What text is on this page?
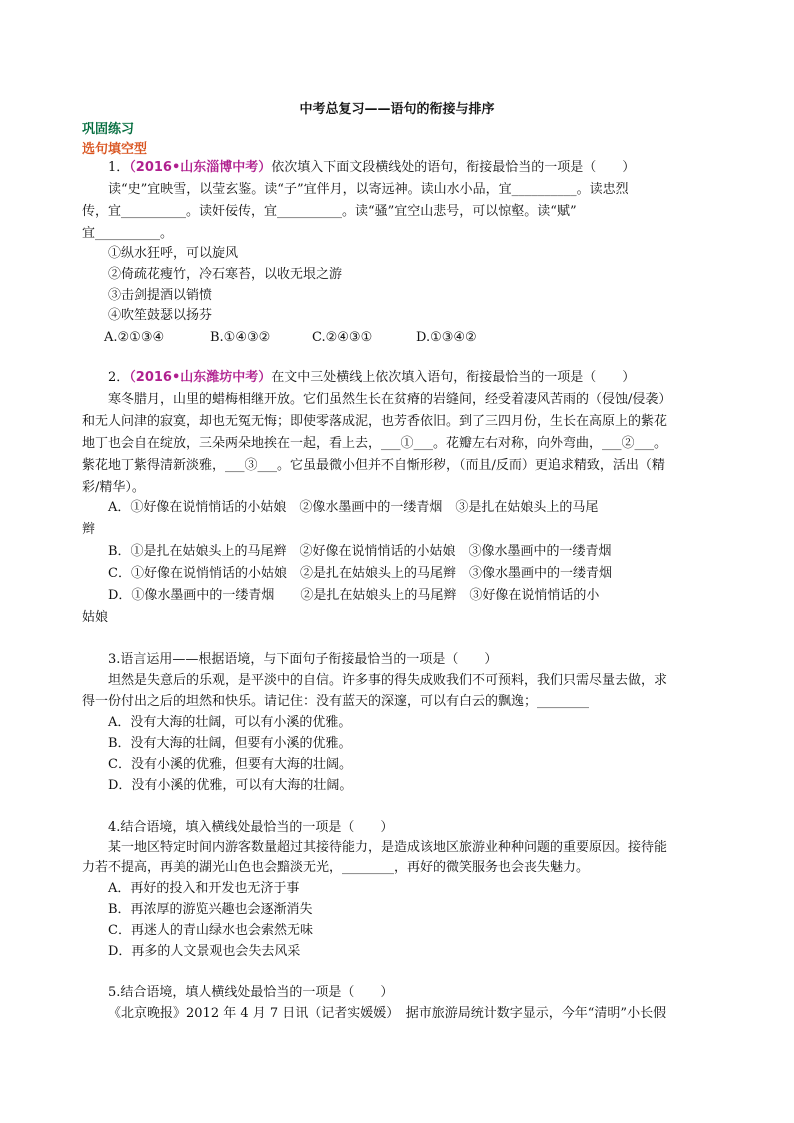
中考总复习——语句的衔接与排序
巩固练习
选句填空型
1．（2016•山东淄博中考）依次填入下面文段横线处的语句，衔接最恰当的一项是（　　）
读“史”宜映雪，以莹玄鉴。读“子”宜伴月，以寄远神。读山水小品，宜__________。读忠烈
传，宜__________。读奸佞传，宜__________。读“骚”宜空山悲号，可以惊壑。读“赋”
宜__________。
①纵水狂呼，可以旋风
②倚疏花瘦竹，冷石寒苔，以收无垠之游
③击剑提酒以销愤
④吹笙鼓瑟以扬芬
A.②①③④	B.①④③②	C.②④③①	D.①③④②
2．（2016•山东潍坊中考）在文中三处横线上依次填入语句，衔接最恰当的一项是（　　）
寒冬腊月，山里的蜡梅相继开放。它们虽然生长在贫瘠的岩缝间，经受着凄风苦雨的（侵蚀/侵袭）
和无人问津的寂寞，却也无冤无悔；即使零落成泥，也芳香依旧。到了三四月份，生长在高原上的紫花
地丁也会自在绽放，三朵两朵地挨在一起，看上去，___①___。花瓣左右对称，向外弯曲，___②___。
紫花地丁紫得清新淡雅，___③___。它虽最微小但并不自惭形秽，（而且/反而）更追求精致，活出（精
彩/精华）。
A．①好像在说悄悄话的小姑娘　②像水墨画中的一缕青烟　③是扎在姑娘头上的马尾
辫
B．①是扎在姑娘头上的马尾辫　②好像在说悄悄话的小姑娘　③像水墨画中的一缕青烟
C．①好像在说悄悄话的小姑娘　②是扎在姑娘头上的马尾辫　③像水墨画中的一缕青烟
D．①像水墨画中的一缕青烟　　②是扎在姑娘头上的马尾辫　③好像在说悄悄话的小
姑娘
3.语言运用——根据语境，与下面句子衔接最恰当的一项是（　　）
坦然是失意后的乐观，是平淡中的自信。许多事的得失成败我们不可预料，我们只需尽量去做，求
得一份付出之后的坦然和快乐。请记住：没有蓝天的深邃，可以有白云的飘逸；________
A．没有大海的壮阔，可以有小溪的优雅。
B．没有大海的壮阔，但要有小溪的优雅。
C．没有小溪的优雅，但要有大海的壮阔。
D．没有小溪的优雅，可以有大海的壮阔。
4.结合语境，填入横线处最恰当的一项是（　　）
某一地区特定时间内游客数量超过其接待能力，是造成该地区旅游业种种问题的重要原因。接待能
力若不提高，再美的湖光山色也会黯淡无光，________，再好的微笑服务也会丧失魅力。
A．再好的投入和开发也无济于事
B．再浓厚的游览兴趣也会逐渐消失
C．再迷人的青山绿水也会索然无味
D．再多的人文景观也会失去风采
5.结合语境，填人横线处最恰当的一项是（　　）
《北京晚报》2012 年 4 月 7 日讯（记者实媛媛）　据市旅游局统计数字显示，今年“清明”小长假
